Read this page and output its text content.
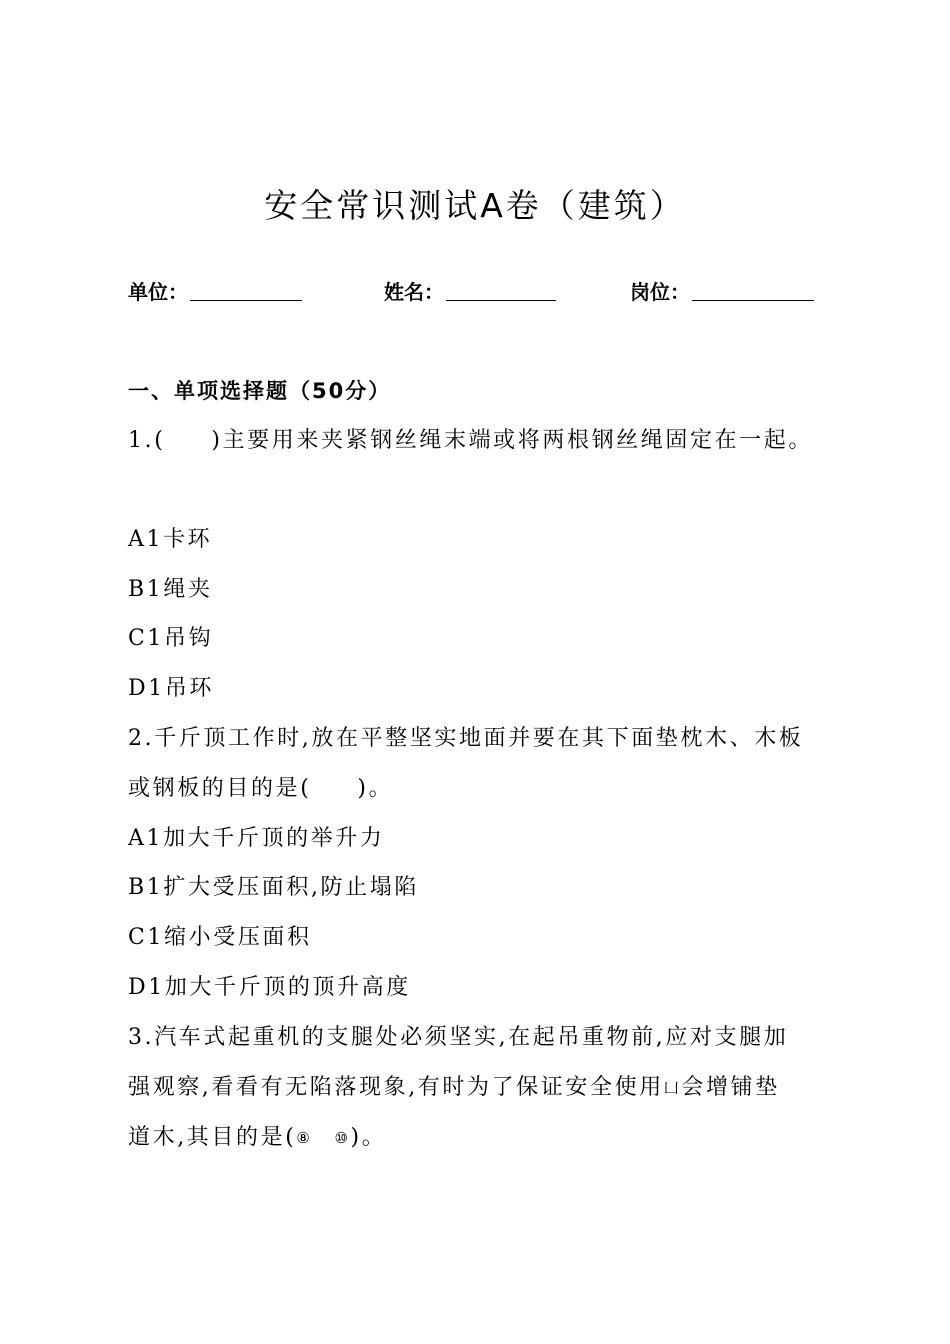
安全常识测试A卷（建筑）
单位：	姓名：	岗位：
一、单项选择题（50分）
1.( )主要用来夹紧钢丝绳末端或将两根钢丝绳固定在一起。
A1卡环
B1绳夹
C1吊钩
D1吊环
2.千斤顶工作时,放在平整坚实地面并要在其下面垫枕木、木板
或钢板的目的是( )。
A1加大千斤顶的举升力
B1扩大受压面积,防止塌陷
C1缩小受压面积
D1加大千斤顶的顶升高度
3.汽车式起重机的支腿处必须坚实,在起吊重物前,应对支腿加
强观察,看看有无陷落现象,有时为了保证安全使用凵会增铺垫
道木,其目的是(⑧ ⑩)。
